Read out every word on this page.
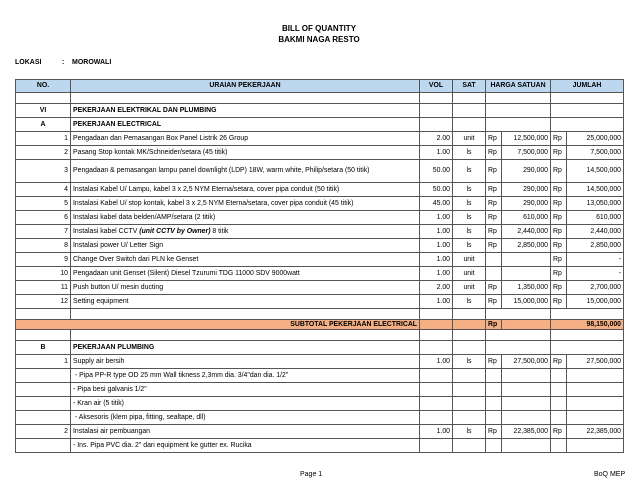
BILL OF QUANTITY
BAKMI NAGA RESTO
LOKASI	: MOROWALI
NO.	URAIAN PEKERJAAN	VOL	SAT	HARGA SATUAN		JUMLAH	

VI	PEKERJAAN ELEKTRIKAL DAN PLUMBING						
A	PEKERJAAN ELECTRICAL						
1	Pengadaan dan Pemasangan Box Panel Listrik 26 Group	2.00	unit	Rp	12,500,000	Rp	25,000,000
2	Pasang Stop kontak MK/Schneider/setara (45 titik)	1.00	ls	Rp	7,500,000	Rp	7,500,000
3	Pengadaan & pemasangan lampu panel downlight (LDP) 18W, warm white, Philip/setara (50 titik)	50.00	ls	Rp	290,000	Rp	14,500,000
4	Instalasi Kabel U/ Lampu, kabel 3 x 2,5 NYM Eterna/setara, cover pipa conduit (50 titik)	50.00	ls	Rp	290,000	Rp	14,500,000
5	Instalasi Kabel U/ stop kontak, kabel 3 x 2,5 NYM Eterna/setara, cover pipa conduit (45 titik)	45.00	ls	Rp	290,000	Rp	13,050,000
6	Instalasi kabel data belden/AMP/setara (2 titik)	1.00	ls	Rp	610,000	Rp	610,000
7	Instalasi kabel CCTV (unit CCTV by Owner) 8 titik	1.00	ls	Rp	2,440,000	Rp	2,440,000
8	Instalasi power U/ Letter Sign	1.00	ls	Rp	2,850,000	Rp	2,850,000
9	Change Over Switch dari PLN ke Genset	1.00	unit			Rp	-
10	Pengadaan unit Genset (Silent) Diesel Tzurumi TDG 11000 SDV 9000watt	1.00	unit			Rp	-
11	Push button U/ mesin ducting	2.00	unit	Rp	1,350,000	Rp	2,700,000
12	Setting equipment	1.00	ls	Rp	15,000,000	Rp	15,000,000

SUBTOTAL PEKERJAAN ELECTRICAL				Rp		98,150,000	

B	PEKERJAAN PLUMBING						
1	Supply air bersih	1.00	ls	Rp	27,500,000	Rp	27,500,000
	- Pipa PP-R type OD 25 mm Wall tikness 2,3mm dia. 3/4"dan dia. 1/2"						
	- Pipa besi galvanis 1/2"						
	- Kran air (5 titik)						
	- Aksesoris (klem pipa, fitting, sealtape, dll)						
2	Instalasi air pembuangan	1.00	ls	Rp	22,385,000	Rp	22,385,000
	- Ins. Pipa PVC dia. 2" dari equipment ke gutter ex. Rucika						
Page 1	BoQ MEP
